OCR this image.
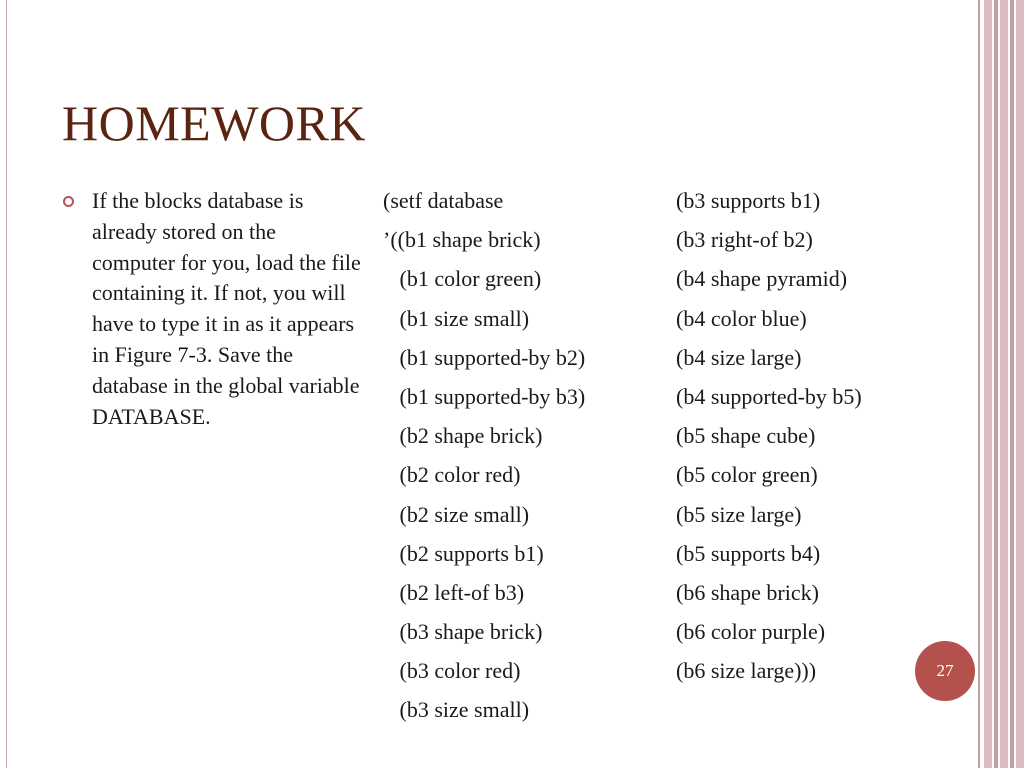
HOMEWORK

If the blocks database is already stored on the computer for you, load the file containing it. If not, you will have to type it in as it appears in Figure 7-3. Save the database in the global variable DATABASE.

(setf database
’((b1 shape brick)
(b1 color green)
(b1 size small)
(b1 supported-by b2)
(b1 supported-by b3)
(b2 shape brick)
(b2 color red)
(b2 size small)
(b2 supports b1)
(b2 left-of b3)
(b3 shape brick)
(b3 color red)
(b3 size small)
(b3 supports b1)
(b3 right-of b2)
(b4 shape pyramid)
(b4 color blue)
(b4 size large)
(b4 supported-by b5)
(b5 shape cube)
(b5 color green)
(b5 size large)
(b5 supports b4)
(b6 shape brick)
(b6 color purple)
(b6 size large)))	27
